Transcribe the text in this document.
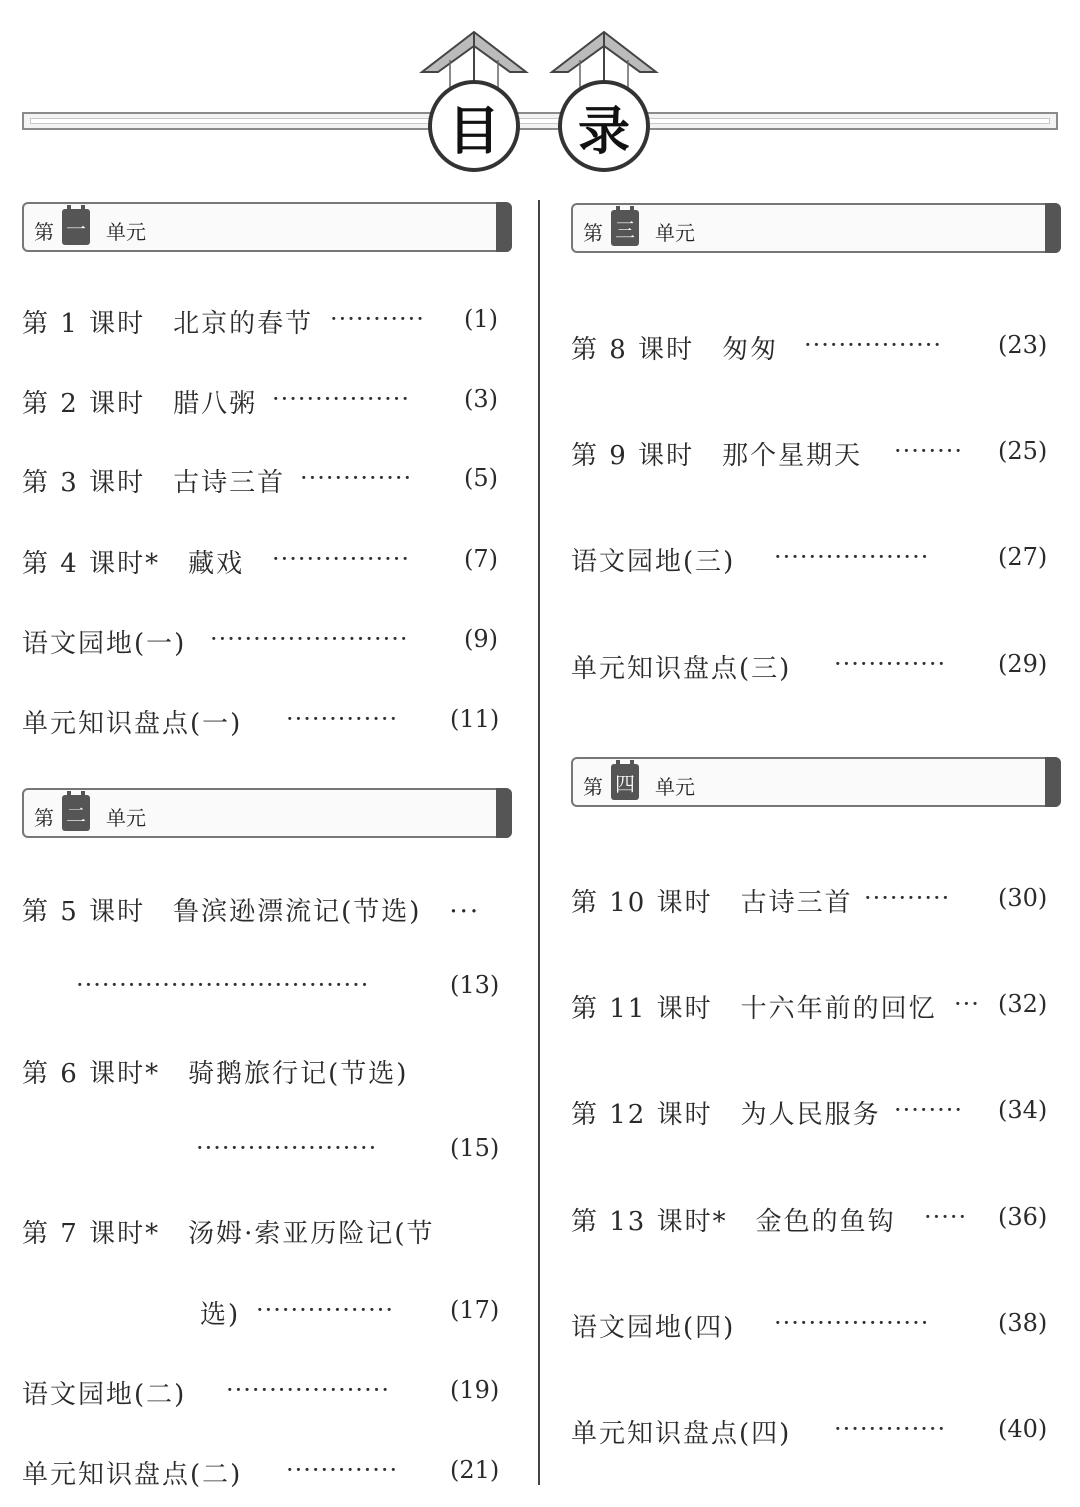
目	录
第 一 单元
第 二 单元
第 三 单元
第 四 单元
第 1 课时　北京的春节 ··········· (1)
第 2 课时　腊八粥 ················ (3)
第 3 课时　古诗三首 ············· (5)
第 4 课时*　藏戏 ················ (7)
语文园地(一) ······················· (9)
单元知识盘点(一) ············· (11)
第 5 课时　鲁滨逊漂流记(节选)　···
··································	(13)
第 6 课时*　骑鹅旅行记(节选)
·····················	(15)
第 7 课时*　汤姆·索亚历险记(节
选) ················ (17)
语文园地(二) ···················	(19)
单元知识盘点(二) ············· (21)
第 8 课时　匆匆 ················ (23)
第 9 课时　那个星期天 ········ (25)
语文园地(三) ··················	(27)
单元知识盘点(三) ············· (29)
第 10 课时　古诗三首 ·········· (30)
第 11 课时　十六年前的回忆 ··· (32)
第 12 课时　为人民服务 ········ (34)
第 13 课时*　金色的鱼钩 ····· (36)
语文园地(四) ··················	(38)
单元知识盘点(四) ············· (40)
